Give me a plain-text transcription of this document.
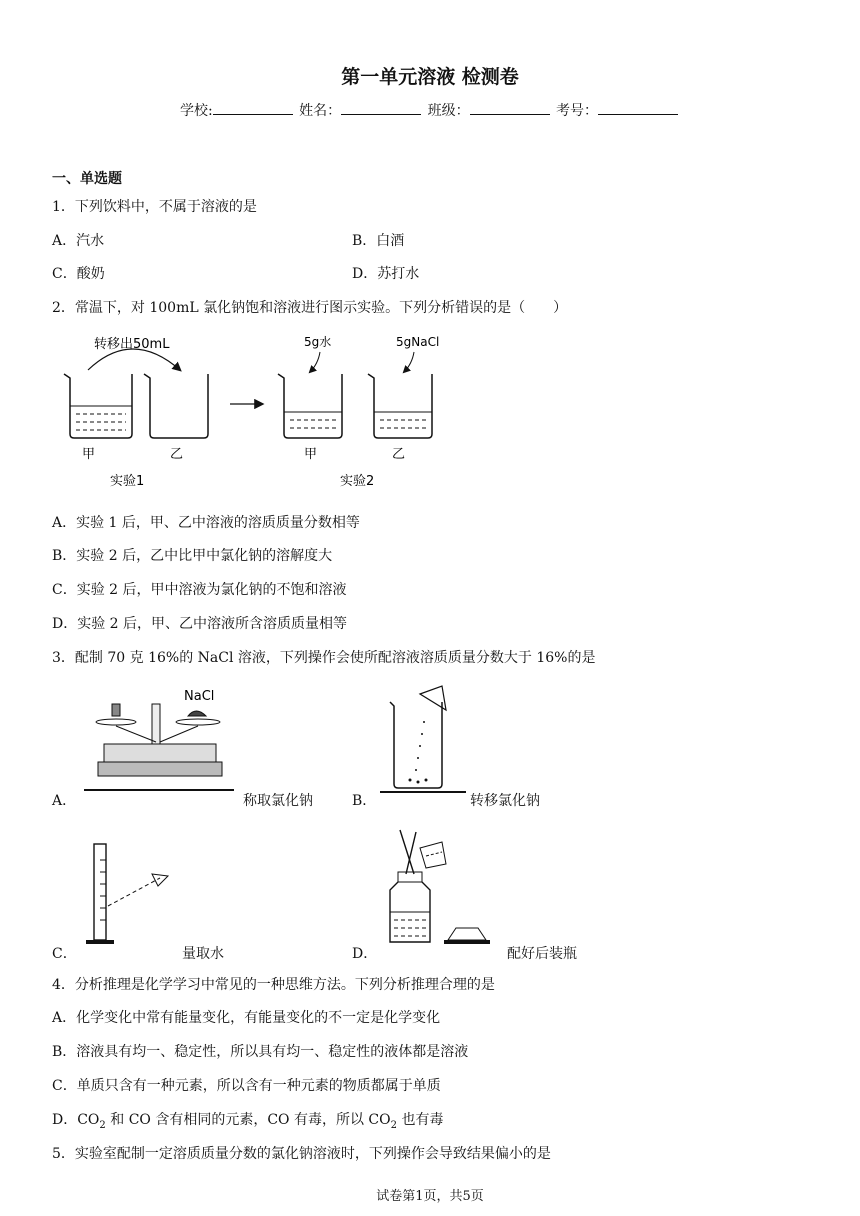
第一单元溶液 检测卷
学校:	姓名：	班级：	考号：
一、单选题
1．下列饮料中，不属于溶液的是
A．汽水	B．白酒
C．酸奶	D．苏打水
2．常温下，对 100mL 氯化钠饱和溶液进行图示实验。下列分析错误的是（　　）
转移出50mL
甲	乙
5g水
甲
5gNaCl
乙
实验1	实验2
A．实验 1 后，甲、乙中溶液的溶质质量分数相等
B．实验 2 后，乙中比甲中氯化钠的溶解度大
C．实验 2 后，甲中溶液为氯化钠的不饱和溶液
D．实验 2 后，甲、乙中溶液所含溶质质量相等
3．配制 70 克 16%的 NaCl 溶液，下列操作会使所配溶液溶质质量分数大于 16%的是
A．
NaCl
称取氯化钠	B．	转移氯化钠
C．	量取水	D．	配好后装瓶
4．分析推理是化学学习中常见的一种思维方法。下列分析推理合理的是
A．化学变化中常有能量变化，有能量变化的不一定是化学变化
B．溶液具有均一、稳定性，所以具有均一、稳定性的液体都是溶液
C．单质只含有一种元素，所以含有一种元素的物质都属于单质
D．$CO_2$ 和 CO 含有相同的元素，CO 有毒，所以 $CO_2$ 也有毒
5．实验室配制一定溶质质量分数的氯化钠溶液时，下列操作会导致结果偏小的是
试卷第1页，共5页
